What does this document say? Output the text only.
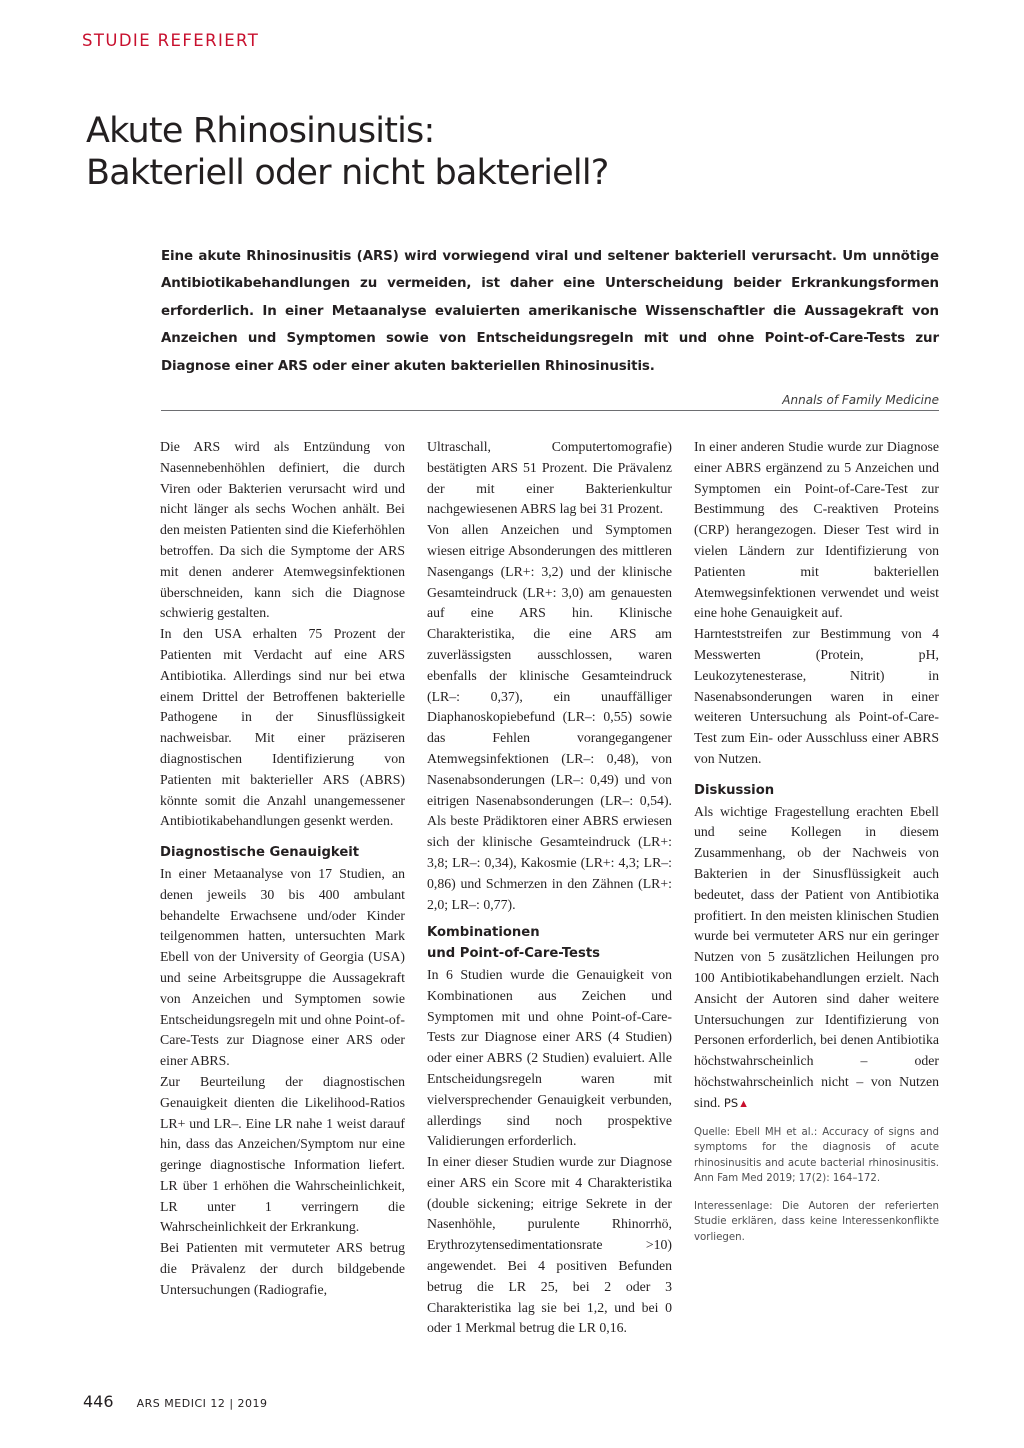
STUDIE REFERIERT
Akute Rhinosinusitis:
Bakteriell oder nicht bakteriell?

Eine akute Rhinosinusitis (ARS) wird vorwiegend viral und seltener bakteriell verursacht. Um unnötige Antibiotikabehandlungen zu vermeiden, ist daher eine Unterscheidung beider Erkrankungsformen erforderlich. In einer Metaanalyse evaluierten amerikanische Wissenschaftler die Aussagekraft von Anzeichen und Symptomen sowie von Entscheidungsregeln mit und ohne Point-of-Care-Tests zur Diagnose einer ARS oder einer akuten bakteriellen Rhinosinusitis.

Annals of Family Medicine

Die ARS wird als Entzündung von Nasennebenhöhlen definiert, die durch Viren oder Bakterien verursacht wird und nicht länger als sechs Wochen anhält. Bei den meisten Patienten sind die Kieferhöhlen betroffen. Da sich die Symptome der ARS mit denen anderer Atemwegsinfektionen überschneiden, kann sich die Diagnose schwierig gestalten.

In den USA erhalten 75 Prozent der Patienten mit Verdacht auf eine ARS Antibiotika. Allerdings sind nur bei etwa einem Drittel der Betroffenen bakterielle Pathogene in der Sinusflüssigkeit nachweisbar. Mit einer präziseren diagnostischen Identifizierung von Patienten mit bakterieller ARS (ABRS) könnte somit die Anzahl unangemessener Antibiotikabehandlungen gesenkt werden.

Diagnostische Genauigkeit

In einer Metaanalyse von 17 Studien, an denen jeweils 30 bis 400 ambulant behandelte Erwachsene und/oder Kinder teilgenommen hatten, untersuchten Mark Ebell von der University of Georgia (USA) und seine Arbeitsgruppe die Aussagekraft von Anzeichen und Symptomen sowie Entscheidungsregeln mit und ohne Point-of-Care-Tests zur Diagnose einer ARS oder einer ABRS.

Zur Beurteilung der diagnostischen Genauigkeit dienten die Likelihood-Ratios LR+ und LR–. Eine LR nahe 1 weist darauf hin, dass das Anzeichen/Symptom nur eine geringe diagnostische Information liefert. LR über 1 erhöhen die Wahrscheinlichkeit, LR unter 1 verringern die Wahrscheinlichkeit der Erkrankung.

Bei Patienten mit vermuteter ARS betrug die Prävalenz der durch bildgebende Untersuchungen (Radiografie,

Ultraschall, Computertomografie) bestätigten ARS 51 Prozent. Die Prävalenz der mit einer Bakterienkultur nachgewiesenen ABRS lag bei 31 Prozent.

Von allen Anzeichen und Symptomen wiesen eitrige Absonderungen des mittleren Nasengangs (LR+: 3,2) und der klinische Gesamteindruck (LR+: 3,0) am genauesten auf eine ARS hin. Klinische Charakteristika, die eine ARS am zuverlässigsten ausschlossen, waren ebenfalls der klinische Gesamteindruck (LR–: 0,37), ein unauffälliger Diaphanoskopiebefund (LR–: 0,55) sowie das Fehlen vorangegangener Atemwegsinfektionen (LR–: 0,48), von Nasenabsonderungen (LR–: 0,49) und von eitrigen Nasenabsonderungen (LR–: 0,54). Als beste Prädiktoren einer ABRS erwiesen sich der klinische Gesamteindruck (LR+: 3,8; LR–: 0,34), Kakosmie (LR+: 4,3; LR–: 0,86) und Schmerzen in den Zähnen (LR+: 2,0; LR–: 0,77).

Kombinationen
und Point-of-Care-Tests

In 6 Studien wurde die Genauigkeit von Kombinationen aus Zeichen und Symptomen mit und ohne Point-of-Care-Tests zur Diagnose einer ARS (4 Studien) oder einer ABRS (2 Studien) evaluiert. Alle Entscheidungsregeln waren mit vielversprechender Genauigkeit verbunden, allerdings sind noch prospektive Validierungen erforderlich.

In einer dieser Studien wurde zur Diagnose einer ARS ein Score mit 4 Charakteristika (double sickening; eitrige Sekrete in der Nasenhöhle, purulente Rhinorrhö, Erythrozytensedimentationsrate >10) angewendet. Bei 4 positiven Befunden betrug die LR 25, bei 2 oder 3 Charakteristika lag sie bei 1,2, und bei 0 oder 1 Merkmal betrug die LR 0,16.

In einer anderen Studie wurde zur Diagnose einer ABRS ergänzend zu 5 Anzeichen und Symptomen ein Point-of-Care-Test zur Bestimmung des C-reaktiven Proteins (CRP) herangezogen. Dieser Test wird in vielen Ländern zur Identifizierung von Patienten mit bakteriellen Atemwegsinfektionen verwendet und weist eine hohe Genauigkeit auf.

Harnteststreifen zur Bestimmung von 4 Messwerten (Protein, pH, Leukozytenesterase, Nitrit) in Nasenabsonderungen waren in einer weiteren Untersuchung als Point-of-Care-Test zum Ein- oder Ausschluss einer ABRS von Nutzen.

Diskussion

Als wichtige Fragestellung erachten Ebell und seine Kollegen in diesem Zusammenhang, ob der Nachweis von Bakterien in der Sinusflüssigkeit auch bedeutet, dass der Patient von Antibiotika profitiert. In den meisten klinischen Studien wurde bei vermuteter ARS nur ein geringer Nutzen von 5 zusätzlichen Heilungen pro 100 Antibiotikabehandlungen erzielt. Nach Ansicht der Autoren sind daher weitere Untersuchungen zur Identifizierung von Personen erforderlich, bei denen Antibiotika höchstwahrscheinlich – oder höchstwahrscheinlich nicht – von Nutzen sind. PS▲

Quelle: Ebell MH et al.: Accuracy of signs and symptoms for the diagnosis of acute rhinosinusitis and acute bacterial rhinosinusitis. Ann Fam Med 2019; 17(2): 164–172.

Interessenlage: Die Autoren der referierten Studie erklären, dass keine Interessenkonflikte vorliegen.

446 ARS MEDICI 12 | 2019
